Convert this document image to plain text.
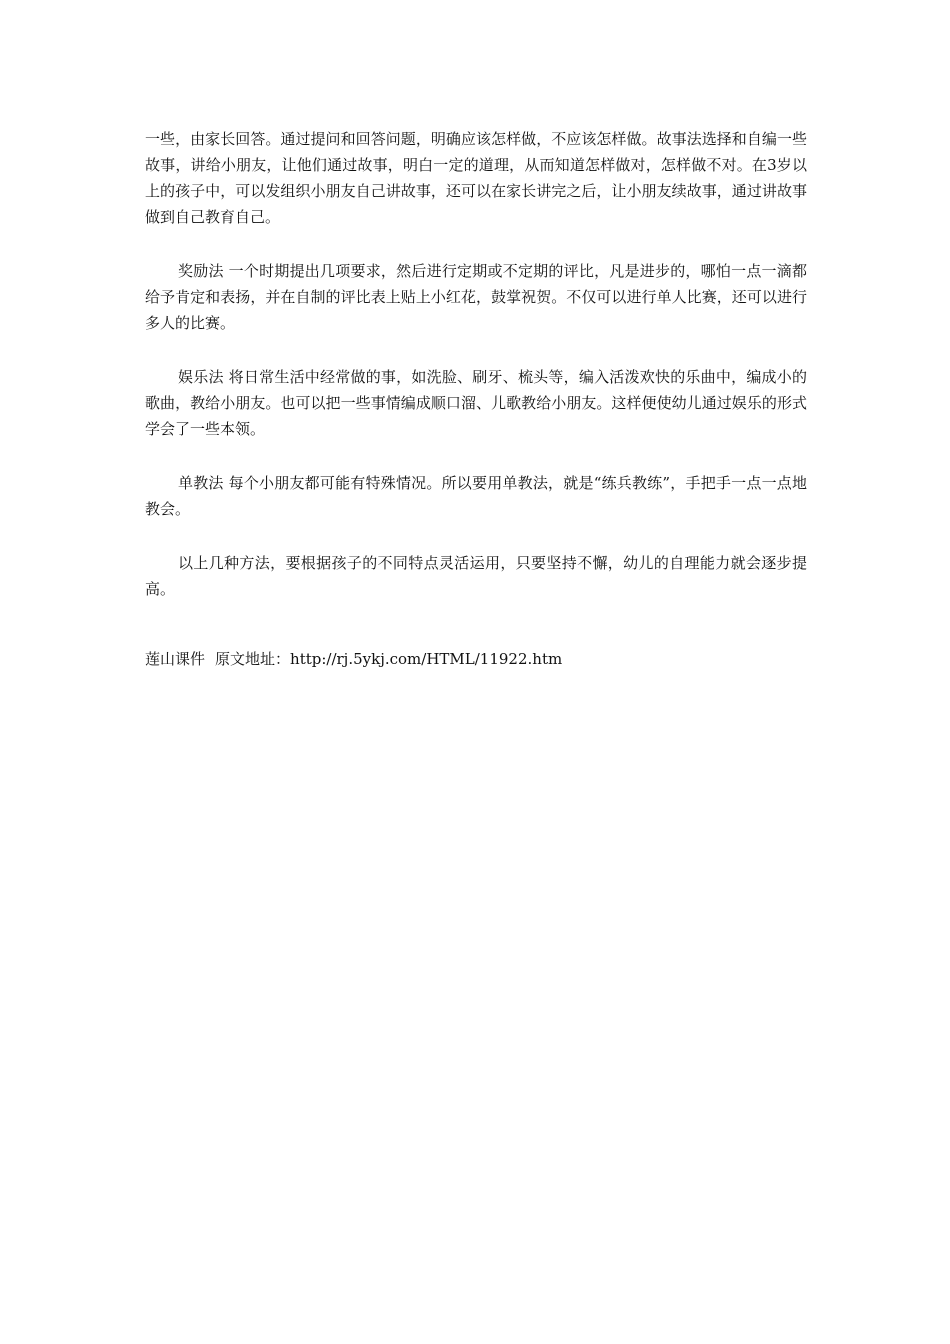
一些，由家长回答。通过提问和回答问题，明确应该怎样做，不应该怎样做。故事法选择和自编一些故事，讲给小朋友，让他们通过故事，明白一定的道理，从而知道怎样做对，怎样做不对。在3岁以上的孩子中，可以发组织小朋友自己讲故事，还可以在家长讲完之后，让小朋友续故事，通过讲故事做到自己教育自己。

奖励法 一个时期提出几项要求，然后进行定期或不定期的评比，凡是进步的，哪怕一点一滴都给予肯定和表扬，并在自制的评比表上贴上小红花，鼓掌祝贺。不仅可以进行单人比赛，还可以进行多人的比赛。

娱乐法 将日常生活中经常做的事，如洗脸、刷牙、梳头等，编入活泼欢快的乐曲中，编成小的歌曲，教给小朋友。也可以把一些事情编成顺口溜、儿歌教给小朋友。这样便使幼儿通过娱乐的形式学会了一些本领。

单教法 每个小朋友都可能有特殊情况。所以要用单教法，就是“练兵教练”，手把手一点一点地教会。

以上几种方法，要根据孩子的不同特点灵活运用，只要坚持不懈，幼儿的自理能力就会逐步提高。

莲山课件 原文地址：http://rj.5ykj.com/HTML/11922.htm
